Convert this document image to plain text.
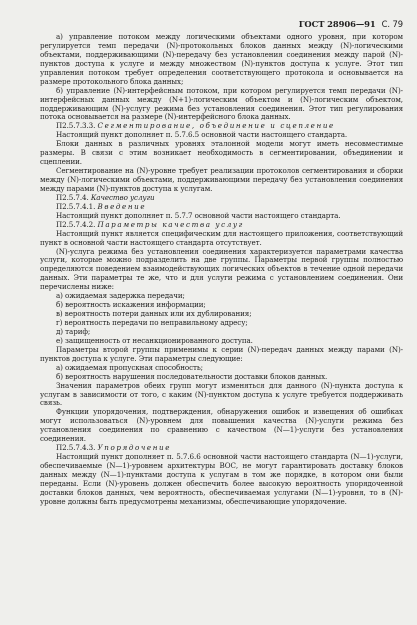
ГОСТ 28906—91 С. 79

а) управление потоком между логическими объектами одного уровня, при котором регулируется темп передачи (N)-протокольных блоков данных между (N)-логическими объектами, поддерживающими (N)-передачу без установления соединения между парой (N)-пунктов доступа к услуге и между множеством (N)-пунктов доступа к услуге. Этот тип управления потоком требует определения соответствующего протокола и основывается на размере протокольного блока данных;

б) управление (N)-интерфейсным потоком, при котором регулируется темп передачи (N)-интерфейсных данных между (N+1)-логическим объектом и (N)-логическим объектом, поддерживающим (N)-услугу режима без установления соединения. Этот тип регулирования потока основывается на размере (N)-интерфейсного блока данных.

П2.5.7.3.3. Сегментирование, объединение и сцепление

Настоящий пункт дополняет п. 5.7.6.5 основной части настоящего стандарта.

Блоки данных в различных уровнях эталонной модели могут иметь несовместимые размеры. В связи с этим возникает необходимость в сегментировании, объединении и сцеплении.

Сегментирование на (N)-уровне требует реализации протоколов сегментирования и сборки между (N)-логическими объектами, поддерживающими передачу без установления соединения между парами (N)-пунктов доступа к услугам.

П2.5.7.4. Качество услуги

П2.5.7.4.1. Введение

Настоящий пункт дополняет п. 5.7.7 основной части настоящего стандарта.

П2.5.7.4.2. Параметры качества услуг

Настоящий пункт является специфическим для настоящего приложения, соответствующий пункт в основной части настоящего стандарта отсутствует.

(N)-услуга режима без установления соединения характеризуется параметрами качества услуги, которые можно подразделить на две группы. Параметры первой группы полностью определяются поведением взаимодействующих логических объектов в течение одной передачи данных. Эти параметры те же, что и для услуги режима с установлением соединения. Они перечислены ниже:

а) ожидаемая задержка передачи;

б) вероятность искажения информации;

в) вероятность потери данных или их дублирования;

г) вероятность передачи по неправильному адресу;

д) тариф;

е) защищенность от несанкционированного доступа.

Параметры второй группы применимы к серии (N)-передач данных между парами (N)-пунктов доступа к услуге. Эти параметры следующие:

а) ожидаемая пропускная способность;

б) вероятность нарушения последовательности доставки блоков данных.

Значения параметров обеих групп могут изменяться для данного (N)-пункта доступа к услугам в зависимости от того, с каким (N)-пунктом доступа к услуге требуется поддерживать связь.

Функции упорядочения, подтверждения, обнаружения ошибок и извещения об ошибках могут использоваться (N)-уровнем для повышения качества (N)-услуги режима без установления соединения по сравнению с качеством (N—1)-услуги без установления соединения.

П2.5.7.4.3. Упорядочение

Настоящий пункт дополняет п. 5.7.6.6 основной части настоящего стандарта (N—1)-услуги, обеспечиваемые (N—1)-уровнем архитектуры ВОС, не могут гарантировать доставку блоков данных между (N—1)-пунктами доступа к услугам в том же порядке, в котором они были переданы. Если (N)-уровень должен обеспечить более высокую вероятность упорядоченной доставки блоков данных, чем вероятность, обеспечиваемая услугами (N—1)-уровня, то в (N)-уровне должны быть предусмотрены механизмы, обеспечивающие упорядочение.
